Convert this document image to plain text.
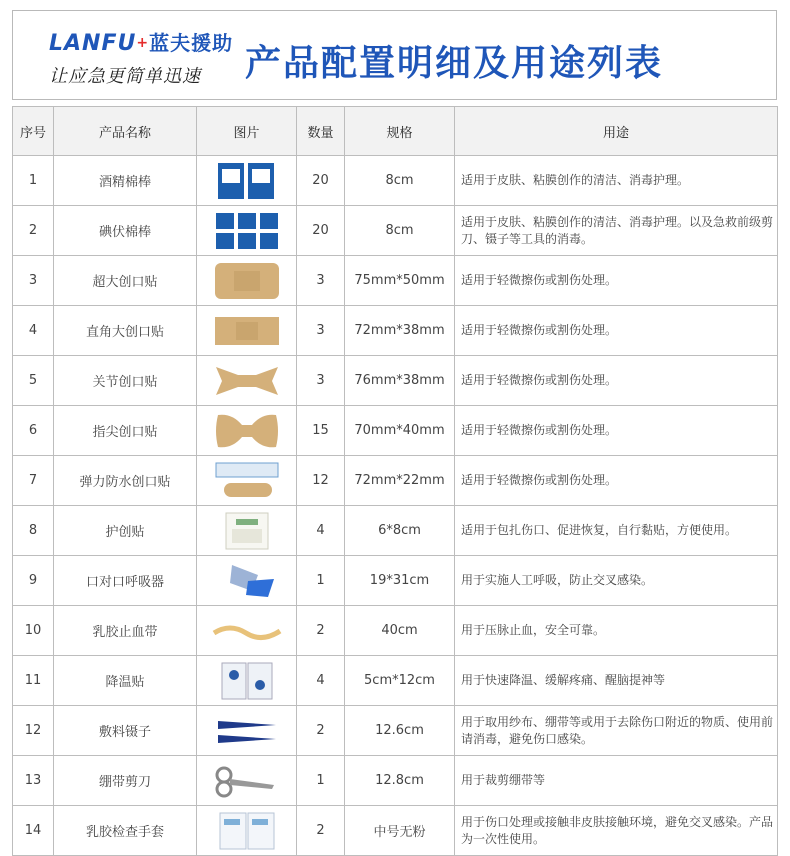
LANFU+蓝夫援助
让应急更简单迅速	产品配置明细及用途列表
序号	产品名称	图片	数量	规格	用途
1	酒精棉棒		20	8cm	适用于皮肤、粘膜创作的清洁、消毒护理。
2	碘伏棉棒		20	8cm	适用于皮肤、粘膜创作的清洁、消毒护理。以及急救前级剪刀、镊子等工具的消毒。
3	超大创口贴		3	75mm*50mm	适用于轻微擦伤或割伤处理。
4	直角大创口贴		3	72mm*38mm	适用于轻微擦伤或割伤处理。
5	关节创口贴		3	76mm*38mm	适用于轻微擦伤或割伤处理。
6	指尖创口贴		15	70mm*40mm	适用于轻微擦伤或割伤处理。
7	弹力防水创口贴		12	72mm*22mm	适用于轻微擦伤或割伤处理。
8	护创贴		4	6*8cm	适用于包扎伤口、促进恢复，自行黏贴，方便使用。
9	口对口呼吸器		1	19*31cm	用于实施人工呼吸，防止交叉感染。
10	乳胶止血带		2	40cm	用于压脉止血，安全可靠。
11	降温贴		4	5cm*12cm	用于快速降温、缓解疼痛、醒脑提神等
12	敷料镊子		2	12.6cm	用于取用纱布、绷带等或用于去除伤口附近的物质、使用前请消毒，避免伤口感染。
13	绷带剪刀		1	12.8cm	用于裁剪绷带等
14	乳胶检查手套		2	中号无粉	用于伤口处理或接触非皮肤接触环境，避免交叉感染。产品为一次性使用。
